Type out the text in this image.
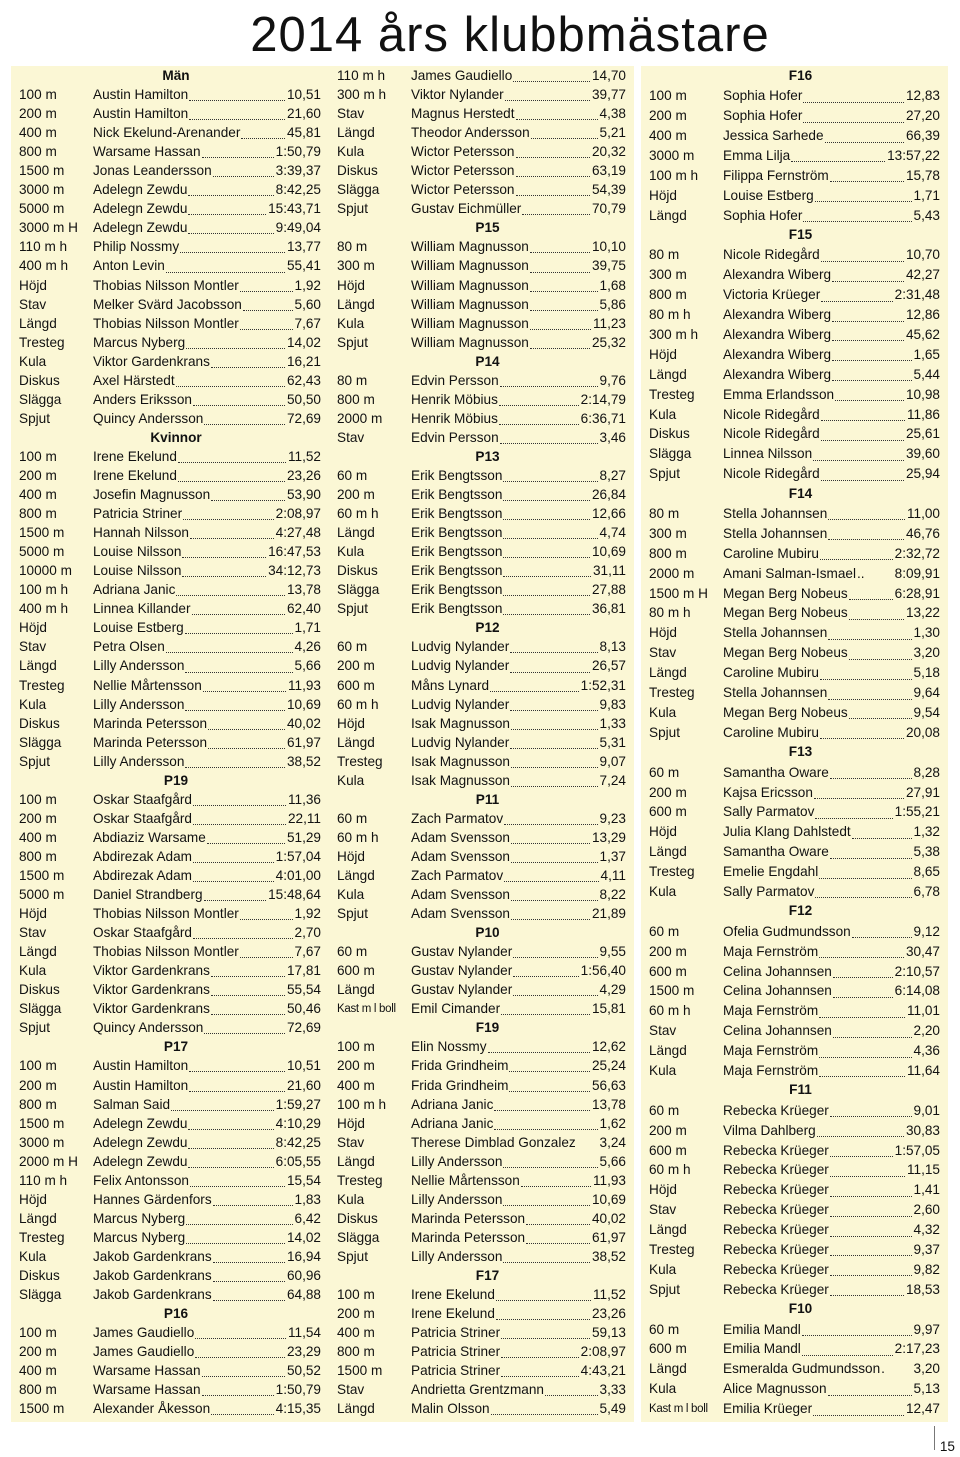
2014 års klubbmästare
Män
100 m	Austin Hamilton	10,51
200 m	Austin Hamilton	21,60
400 m	Nick Ekelund-Arenander	45,81
800 m	Warsame Hassan	1:50,79
1500 m	Jonas Leandersson	3:39,37
3000 m	Adelegn Zewdu	8:42,25
5000 m	Adelegn Zewdu	15:43,71
3000 m H	Adelegn Zewdu	9:49,04
110 m h	Philip Nossmy	13,77
400 m h	Anton Levin	55,41
Höjd	Thobias Nilsson Montler	1,92
Stav	Melker Svärd Jacobsson	5,60
Längd	Thobias Nilsson Montler	7,67
Tresteg	Marcus Nyberg	14,02
Kula	Viktor Gardenkrans	16,21
Diskus	Axel Härstedt	62,43
Slägga	Anders Eriksson	50,50
Spjut	Quincy Andersson	72,69
Kvinnor
100 m	Irene Ekelund	11,52
200 m	Irene Ekelund	23,26
400 m	Josefin Magnusson	53,90
800 m	Patricia Striner	2:08,97
1500 m	Hannah Nilsson	4:27,48
5000 m	Louise Nilsson	16:47,53
10000 m	Louise Nilsson	34:12,73
100 m h	Adriana Janic	13,78
400 m h	Linnea Killander	62,40
Höjd	Louise Estberg	1,71
Stav	Petra Olsen	4,26
Längd	Lilly Andersson	5,66
Tresteg	Nellie Mårtensson	11,93
Kula	Lilly Andersson	10,69
Diskus	Marinda Petersson	40,02
Slägga	Marinda Petersson	61,97
Spjut	Lilly Andersson	38,52
P19
100 m	Oskar Staafgård	11,36
200 m	Oskar Staafgård	22,11
400 m	Abdiaziz Warsame	51,29
800 m	Abdirezak Adam	1:57,04
1500 m	Abdirezak Adam	4:01,00
5000 m	Daniel Strandberg	15:48,64
Höjd	Thobias Nilsson Montler	1,92
Stav	Oskar Staafgård	2,70
Längd	Thobias Nilsson Montler	7,67
Kula	Viktor Gardenkrans	17,81
Diskus	Viktor Gardenkrans	55,54
Slägga	Viktor Gardenkrans	50,46
Spjut	Quincy Andersson	72,69
P17
100 m	Austin Hamilton	10,51
200 m	Austin Hamilton	21,60
800 m	Salman Said	1:59,27
1500 m	Adelegn Zewdu	4:10,29
3000 m	Adelegn Zewdu	8:42,25
2000 m H	Adelegn Zewdu	6:05,55
110 m h	Felix Antonsson	15,54
Höjd	Hannes Gärdenfors	1,83
Längd	Marcus Nyberg	6,42
Tresteg	Marcus Nyberg	14,02
Kula	Jakob Gardenkrans	16,94
Diskus	Jakob Gardenkrans	60,96
Slägga	Jakob Gardenkrans	64,88
P16
100 m	James Gaudiello	11,54
200 m	James Gaudiello	23,29
400 m	Warsame Hassan	50,52
800 m	Warsame Hassan	1:50,79
1500 m	Alexander Åkesson	4:15,35
110 m h	James Gaudiello	14,70
300 m h	Viktor Nylander	39,77
Stav	Magnus Herstedt	4,38
Längd	Theodor Andersson	5,21
Kula	Wictor Petersson	20,32
Diskus	Wictor Petersson	63,19
Slägga	Wictor Petersson	54,39
Spjut	Gustav Eichmüller	70,79
P15
80 m	William Magnusson	10,10
300 m	William Magnusson	39,75
Höjd	William Magnusson	1,68
Längd	William Magnusson	5,86
Kula	William Magnusson	11,23
Spjut	William Magnusson	25,32
P14
80 m	Edvin Persson	9,76
800 m	Henrik Möbius	2:14,79
2000 m	Henrik Möbius	6:36,71
Stav	Edvin Persson	3,46
P13
60 m	Erik Bengtsson	8,27
200 m	Erik Bengtsson	26,84
60 m h	Erik Bengtsson	12,66
Längd	Erik Bengtsson	4,74
Kula	Erik Bengtsson	10,69
Diskus	Erik Bengtsson	31,11
Slägga	Erik Bengtsson	27,88
Spjut	Erik Bengtsson	36,81
P12
60 m	Ludvig Nylander	8,13
200 m	Ludvig Nylander	26,57
600 m	Måns Lynard	1:52,31
60 m h	Ludvig Nylander	9,83
Höjd	Isak Magnusson	1,33
Längd	Ludvig Nylander	5,31
Tresteg	Isak Magnusson	9,07
Kula	Isak Magnusson	7,24
P11
60 m	Zach Parmatov	9,23
60 m h	Adam Svensson	13,29
Höjd	Adam Svensson	1,37
Längd	Zach Parmatov	4,11
Kula	Adam Svensson	8,22
Spjut	Adam Svensson	21,89
P10
60 m	Gustav Nylander	9,55
600 m	Gustav Nylander	1:56,40
Längd	Gustav Nylander	4,29
Kast m l boll	Emil Cimander	15,81
F19
100 m	Elin Nossmy	12,62
200 m	Frida Grindheim	25,24
400 m	Frida Grindheim	56,63
100 m h	Adriana Janic	13,78
Höjd	Adriana Janic	1,62
Stav	Therese Dimblad Gonzalez 3,24
Längd	Lilly Andersson	5,66
Tresteg	Nellie Mårtensson	11,93
Kula	Lilly Andersson	10,69
Diskus	Marinda Petersson	40,02
Slägga	Marinda Petersson	61,97
Spjut	Lilly Andersson	38,52
F17
100 m	Irene Ekelund	11,52
200 m	Irene Ekelund	23,26
400 m	Patricia Striner	59,13
800 m	Patricia Striner	2:08,97
1500 m	Patricia Striner	4:43,21
Stav	Andrietta Grentzmann	3,33
Längd	Malin Olsson	5,49
F16
100 m	Sophia Hofer	12,83
200 m	Sophia Hofer	27,20
400 m	Jessica Sarhede	66,39
3000 m	Emma Lilja	13:57,22
100 m h	Filippa Fernström	15,78
Höjd	Louise Estberg	1,71
Längd	Sophia Hofer	5,43
F15
80 m	Nicole Ridegård	10,70
300 m	Alexandra Wiberg	42,27
800 m	Victoria Krüeger	2:31,48
80 m h	Alexandra Wiberg	12,86
300 m h	Alexandra Wiberg	45,62
Höjd	Alexandra Wiberg	1,65
Längd	Alexandra Wiberg	5,44
Tresteg	Emma Erlandsson	10,98
Kula	Nicole Ridegård	11,86
Diskus	Nicole Ridegård	25,61
Slägga	Linnea Nilsson	39,60
Spjut	Nicole Ridegård	25,94
F14
80 m	Stella Johannsen	11,00
300 m	Stella Johannsen	46,76
800 m	Caroline Mubiru	2:32,72
2000 m	Amani Salman-Ismael ..	8:09,91
1500 m H	Megan Berg Nobeus	6:28,91
80 m h	Megan Berg Nobeus	13,22
Höjd	Stella Johannsen	1,30
Stav	Megan Berg Nobeus	3,20
Längd	Caroline Mubiru	5,18
Tresteg	Stella Johannsen	9,64
Kula	Megan Berg Nobeus	9,54
Spjut	Caroline Mubiru	20,08
F13
60 m	Samantha Oware	8,28
200 m	Kajsa Ericsson	27,91
600 m	Sally Parmatov	1:55,21
Höjd	Julia Klang Dahlstedt	1,32
Längd	Samantha Oware	5,38
Tresteg	Emelie Engdahl	8,65
Kula	Sally Parmatov	6,78
F12
60 m	Ofelia Gudmundsson	9,12
200 m	Maja Fernström	30,47
600 m	Celina Johannsen	2:10,57
1500 m	Celina Johannsen	6:14,08
60 m h	Maja Fernström	11,01
Stav	Celina Johannsen	2,20
Längd	Maja Fernström	4,36
Kula	Maja Fernström	11,64
F11
60 m	Rebecka Krüeger	9,01
200 m	Vilma Dahlberg	30,83
600 m	Rebecka Krüeger	1:57,05
60 m h	Rebecka Krüeger	11,15
Höjd	Rebecka Krüeger	1,41
Stav	Rebecka Krüeger	2,60
Längd	Rebecka Krüeger	4,32
Tresteg	Rebecka Krüeger	9,37
Kula	Rebecka Krüeger	9,82
Spjut	Rebecka Krüeger	18,53
F10
60 m	Emilia Mandl	9,97
600 m	Emilia Mandl	2:17,23
Längd	Esmeralda Gudmundsson .	3,20
Kula	Alice Magnusson	5,13
Kast m l boll	Emilia Krüeger	12,47
15
